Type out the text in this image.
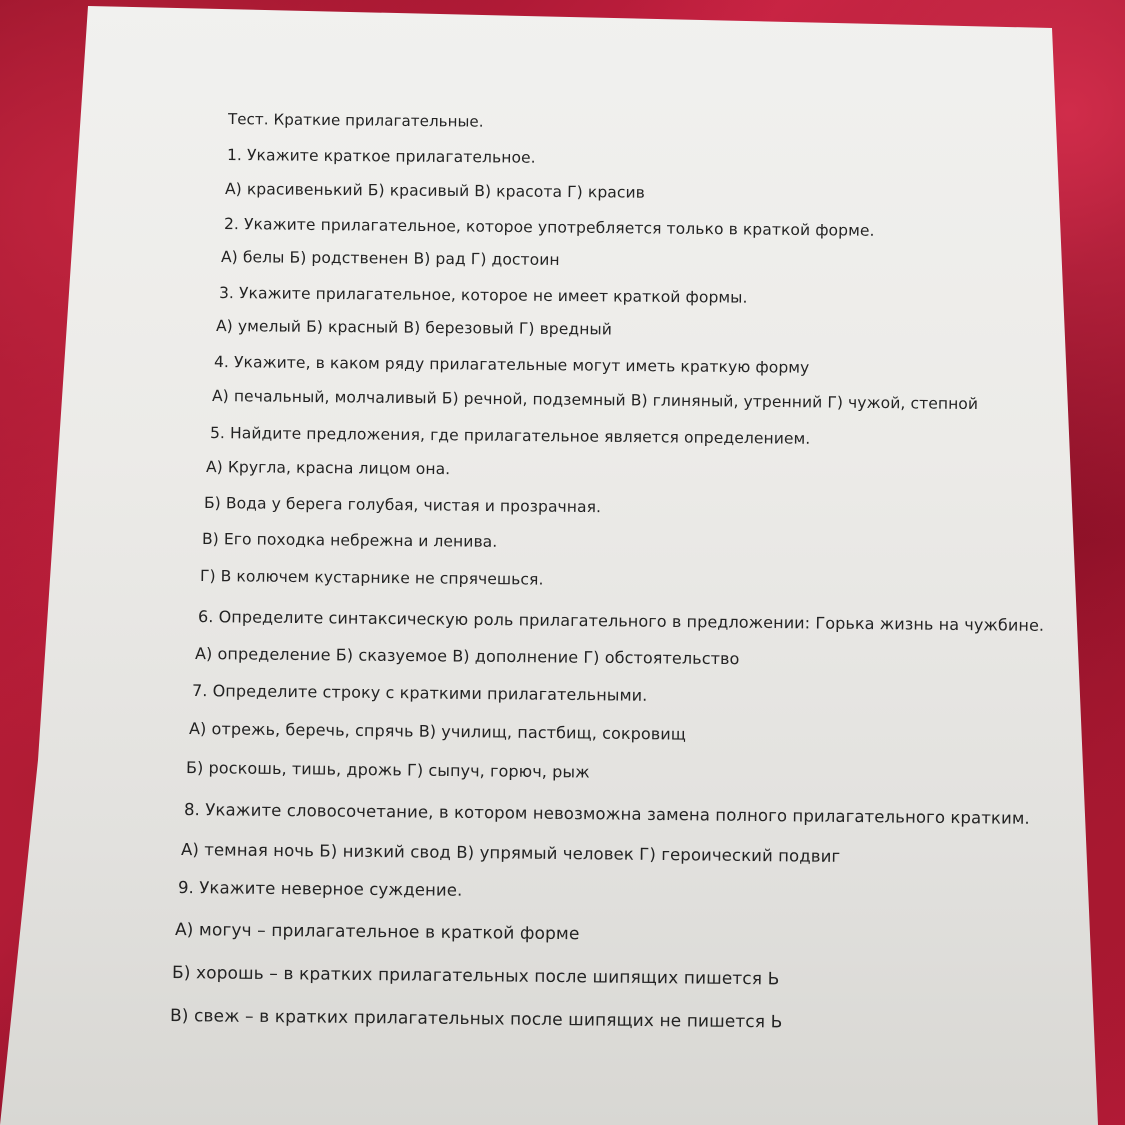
Тест. Краткие прилагательные.
1. Укажите краткое прилагательное.
А) красивенький Б) красивый В) красота Г) красив
2. Укажите прилагательное, которое употребляется только в краткой форме.
А) белы Б) родственен В) рад Г) достоин
3. Укажите прилагательное, которое не имеет краткой формы.
А) умелый Б) красный В) березовый Г) вредный
4. Укажите, в каком ряду прилагательные могут иметь краткую форму
А) печальный, молчаливый Б) речной, подземный В) глиняный, утренний Г) чужой, степной
5. Найдите предложения, где прилагательное является определением.
А) Кругла, красна лицом она.
Б) Вода у берега голубая, чистая и прозрачная.
В) Его походка небрежна и ленива.
Г) В колючем кустарнике не спрячешься.
6. Определите синтаксическую роль прилагательного в предложении: Горька жизнь на чужбине.
А) определение Б) сказуемое В) дополнение Г) обстоятельство
7. Определите строку с краткими прилагательными.
А) отрежь, беречь, спрячь В) училищ, пастбищ, сокровищ
Б) роскошь, тишь, дрожь Г) сыпуч, горюч, рыж
8. Укажите словосочетание, в котором невозможна замена полного прилагательного кратким.
А) темная ночь Б) низкий свод В) упрямый человек Г) героический подвиг
9. Укажите неверное суждение.
А) могуч – прилагательное в краткой форме
Б) хорошь – в кратких прилагательных после шипящих пишется Ь
В) свеж – в кратких прилагательных после шипящих не пишется Ь
